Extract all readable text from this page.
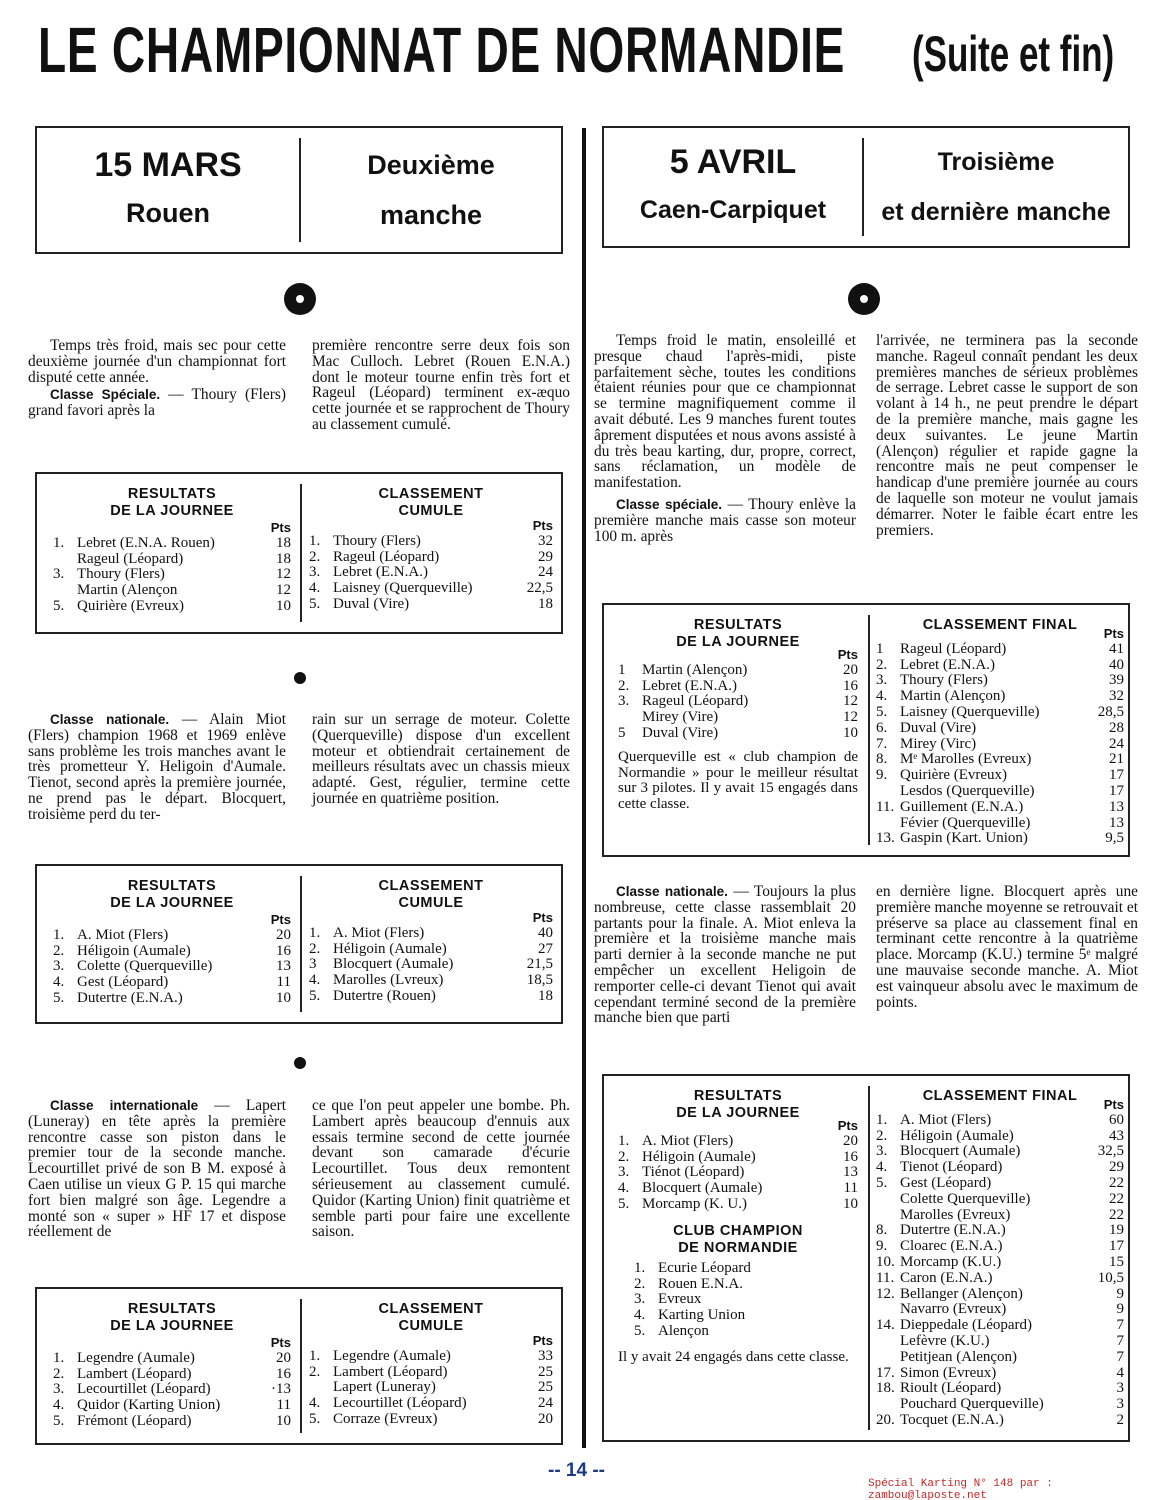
LE CHAMPIONNAT DE NORMANDIE (Suite et fin)
15 MARS
Rouen
Deuxième
manche
5 AVRIL
Caen-Carpiquet
Troisième
et dernière manche
Temps très froid, mais sec pour cette deuxième journée d'un championnat fort disputé cette année.
Classe Spéciale. — Thoury (Flers) grand favori après la
première rencontre serre deux fois son Mac Culloch. Lebret (Rouen E.N.A.) dont le moteur tourne enfin très fort et Rageul (Léopard) terminent ex-æquo cette journée et se rapprochent de Thoury au classement cumulé.
RESULTATS
DE LA JOURNEE
Pts
1. Lebret (E.N.A. Rouen)	18
Rageul (Léopard)	18
3. Thoury (Flers)	12
Martin (Alençon	12
5. Quirière (Evreux)	10
CLASSEMENT
CUMULE
Pts
1. Thoury (Flers)	32
2. Rageul (Léopard)	29
3. Lebret (E.N.A.)	24
4. Laisney (Querqueville)	22,5
5. Duval (Vire)	18
Classe nationale. — Alain Miot (Flers) champion 1968 et 1969 enlève sans problème les trois manches avant le très prometteur Y. Heligoin d'Aumale. Tienot, second après la première journée, ne prend pas le départ. Blocquert, troisième perd du ter-
rain sur un serrage de moteur. Colette (Querqueville) dispose d'un excellent moteur et obtiendrait certainement de meilleurs résultats avec un chassis mieux adapté. Gest, régulier, termine cette journée en quatrième position.
RESULTATS
DE LA JOURNEE
Pts
1. A. Miot (Flers)	20
2. Héligoin (Aumale)	16
3. Colette (Querqueville)	13
4. Gest (Léopard)	11
5. Dutertre (E.N.A.)	10
CLASSEMENT
CUMULE
Pts
1. A. Miot (Flers)	40
2. Héligoin (Aumale)	27
3	Blocquert (Aumale)	21,5
4. Marolles (Lvreux)	18,5
5. Dutertre (Rouen)	18
Classe internationale — Lapert (Luneray) en tête après la première rencontre casse son piston dans le premier tour de la seconde manche. Lecourtillet privé de son B M. exposé à Caen utilise un vieux G P. 15 qui marche fort bien malgré son âge. Legendre a monté son « super » HF 17 et dispose réellement de
ce que l'on peut appeler une bombe. Ph. Lambert après beaucoup d'ennuis aux essais termine second de cette journée devant son camarade d'écurie Lecourtillet. Tous deux remontent sérieusement au classement cumulé. Quidor (Karting Union) finit quatrième et semble parti pour faire une excellente saison.
RESULTATS
DE LA JOURNEE
Pts
1. Legendre (Aumale)	20
2. Lambert (Léopard)	16
3. Lecourtillet (Léopard)	·13
4. Quidor (Karting Union)	11
5. Frémont (Léopard)	10
CLASSEMENT
CUMULE
Pts
1. Legendre (Aumale)	33
2. Lambert (Léopard)	25
Lapert (Luneray)	25
4. Lecourtillet (Léopard)	24
5. Corraze (Evreux)	20
Temps froid le matin, ensoleillé et presque chaud l'après-midi, piste parfaitement sèche, toutes les conditions étaient réunies pour que ce championnat se termine magnifiquement comme il avait débuté. Les 9 manches furent toutes âprement disputées et nous avons assisté à du très beau karting, dur, propre, correct, sans réclamation, un modèle de manifestation.
Classe spéciale. — Thoury enlève la première manche mais casse son moteur 100 m. après
l'arrivée, ne terminera pas la seconde manche. Rageul connaît pendant les deux premières manches de sérieux problèmes de serrage. Lebret casse le support de son volant à 14 h., ne peut prendre le départ de la première manche, mais gagne les deux suivantes. Le jeune Martin (Alençon) régulier et rapide gagne la rencontre mais ne peut compenser le handicap d'une première journée au cours de laquelle son moteur ne voulut jamais démarrer. Noter le faible écart entre les premiers.
RESULTATS
DE LA JOURNEE
Pts
1	Martin (Alençon)	20
2. Lebret (E.N.A.)	16
3. Rageul (Léopard)	12
Mirey (Vire)	12
5	Duval (Vire)	10
Querqueville est « club champion de Normandie » pour le meilleur résultat sur 3 pilotes. Il y avait 15 engagés dans cette classe.
CLASSEMENT FINAL
Pts
1	Rageul (Léopard)	41
2. Lebret (E.N.A.)	40
3. Thoury (Flers)	39
4. Martin (Alençon)	32
5. Laisney (Querqueville)	28,5
6. Duval (Vire)	28
7. Mirey (Virc)	24
8. Mᵉ Marolles (Evreux)	21
9. Quirière (Evreux)	17
Lesdos (Querqueville)	17
11. Guillement (E.N.A.)	13
Févier (Querqueville)	13
13. Gaspin (Kart. Union)	9,5
Classe nationale. — Toujours la plus nombreuse, cette classe rassemblait 20 partants pour la finale. A. Miot enleva la première et la troisième manche mais parti dernier à la seconde manche ne put empêcher un excellent Heligoin de remporter celle-ci devant Tienot qui avait cependant terminé second de la première manche bien que parti
en dernière ligne. Blocquert après une première manche moyenne se retrouvait et préserve sa place au classement final en terminant cette rencontre à la quatrième place. Morcamp (K.U.) termine 5ᵉ malgré une mauvaise seconde manche. A. Miot est vainqueur absolu avec le maximum de points.
RESULTATS
DE LA JOURNEE
Pts
1. A. Miot (Flers)	20
2. Héligoin (Aumale)	16
3. Tiénot (Léopard)	13
4. Blocquert (Aumale)	11
5. Morcamp (K. U.)	10
CLUB CHAMPION
DE NORMANDIE
1. Ecurie Léopard
2. Rouen E.N.A.
3. Evreux
4. Karting Union
5. Alençon
Il y avait 24 engagés dans cette classe.
CLASSEMENT FINAL
Pts
1. A. Miot (Flers)	60
2. Héligoin (Aumale)	43
3. Blocquert (Aumale)	32,5
4. Tienot (Léopard)	29
5. Gest (Léopard)	22
Colette Querqueville)	22
Marolles (Evreux)	22
8. Dutertre (E.N.A.)	19
9. Cloarec (E.N.A.)	17
10. Morcamp (K.U.)	15
11. Caron (E.N.A.)	10,5
12. Bellanger (Alençon)	9
Navarro (Evreux)	9
14. Dieppedale (Léopard)	7
Lefèvre (K.U.)	7
Petitjean (Alençon)	7
17. Simon (Evreux)	4
18. Rioult (Léopard)	3
Pouchard Querqueville)	3
20. Tocquet (E.N.A.)	2
-- 14 --
Spécial Karting N° 148 par : zambou@laposte.net
